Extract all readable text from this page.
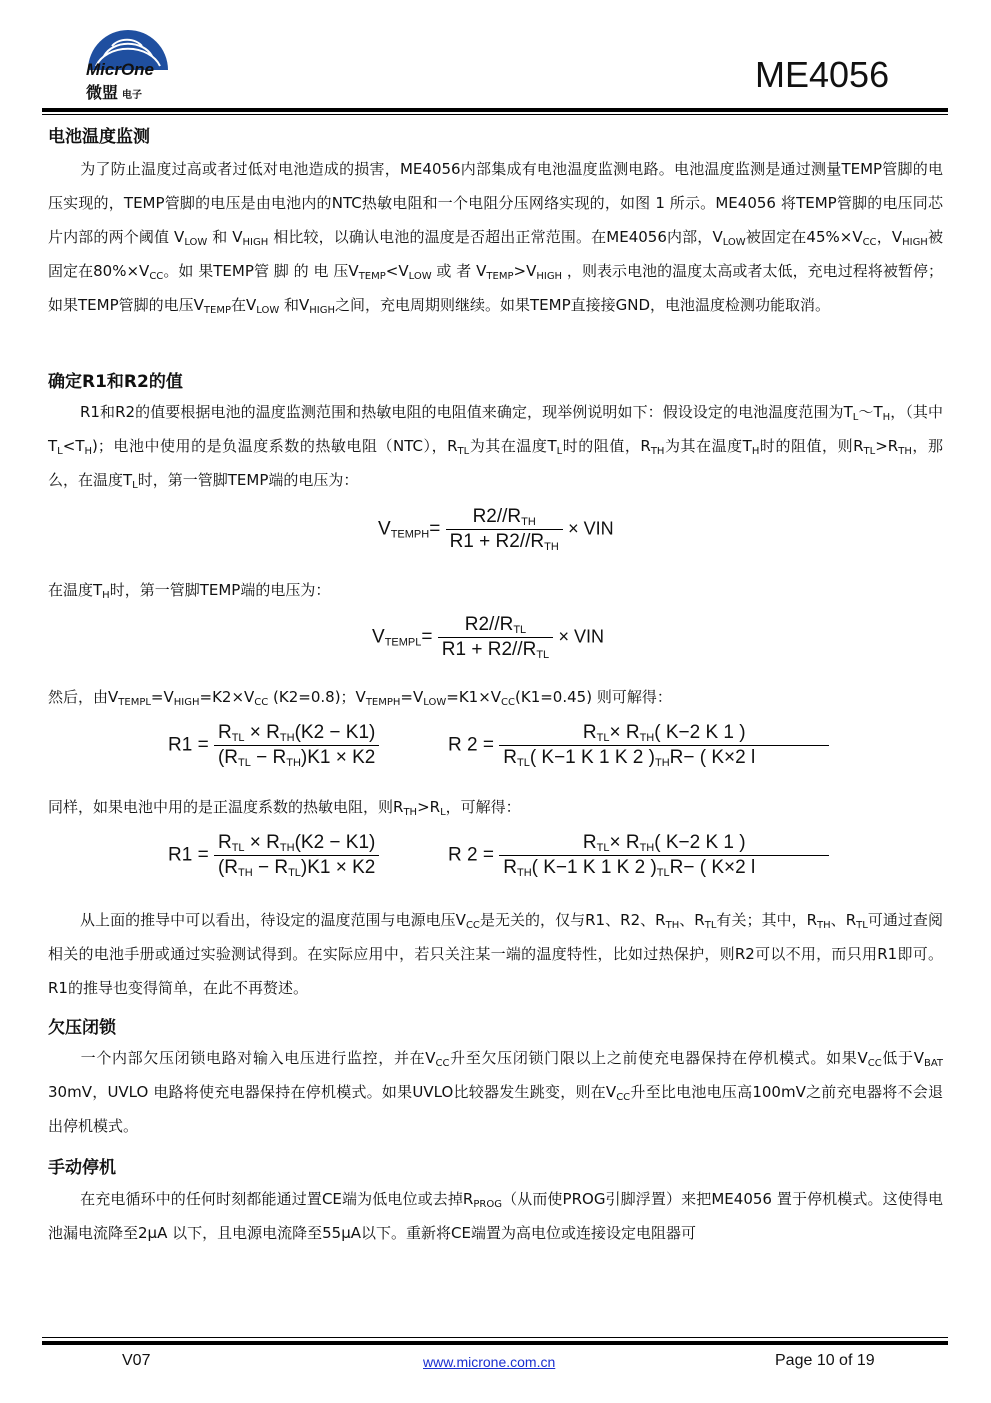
MicrOne
微盟 电子
ME4056
电池温度监测
为了防止温度过高或者过低对电池造成的损害，ME4056内部集成有电池温度监测电路。电池温度监测是通过测量TEMP管脚的电压实现的，TEMP管脚的电压是由电池内的NTC热敏电阻和一个电阻分压网络实现的，如图 1 所示。ME4056 将TEMP管脚的电压同芯片内部的两个阈值 $V_{LOW}$ 和 $V_{HIGH}$ 相比较，以确认电池的温度是否超出正常范围。在ME4056内部，$V_{LOW}$被固定在$45\%\times V_{CC}$，$V_{HIGH}$被固定在$80\%\times V_{CC}$。如 果TEMP管 脚 的 电 压$V_{TEMP}<V_{LOW}$ 或 者 $V_{TEMP}>V_{HIGH}$ ，则表示电池的温度太高或者太低，充电过程将被暂停；如果TEMP管脚的电压$V_{TEMP}$在$V_{LOW}$ 和$V_{HIGH}$之间，充电周期则继续。如果TEMP直接接GND，电池温度检测功能取消。
确定R1和R2的值
R1和R2的值要根据电池的温度监测范围和热敏电阻的电阻值来确定，现举例说明如下：假设设定的电池温度范围为$T_L\sim T_H$，（其中$T_L<T_H$)；电池中使用的是负温度系数的热敏电阻（NTC），$R_{TL}$为其在温度$T_L$时的阻值，$R_{TH}$为其在温度$T_H$时的阻值，则$R_{TL}>R_{TH}$，那么，在温度$T_L$时，第一管脚TEMP端的电压为：
$V_{TEMPH}= \frac{R2//R_{TH}}{R1 + R2//R_{TH}}$ × VIN
在温度$T_H$时，第一管脚TEMP端的电压为：
$V_{TEMPL}= \frac{R2//R_{TL}}{R1 + R2//R_{TL}}$ × VIN
然后，由$V_{TEMPL}=V_{HIGH}=K2\times V_{CC}$ (K2=0.8)；$V_{TEMPH}=V_{LOW}=K1\times V_{CC}(K1=0.45)$ 则可解得：
$R1 = \frac{R_{TL} \times R_{TH}(K2 - K1)}{(R_{TL} - R_{TH})K1 \times K2}$	R $2 = \frac{R_{TL}\times R_{TH}( K-2 K 1 )}{R_{TL}( K-1 K 1 K 2 )_{TH}R- ( K\times 2 l}$
同样，如果电池中用的是正温度系数的热敏电阻，则$R_{TH}>R_L$，可解得：
$R1 = \frac{R_{TL} \times R_{TH}(K2 - K1)}{(R_{TH} - R_{TL})K1 \times K2}$	R $2 = \frac{R_{TL}\times R_{TH}( K-2 K 1 )}{R_{TH}( K-1 K 1 K 2 )_{TL}R- ( K\times 2 l}$
从上面的推导中可以看出，待设定的温度范围与电源电压$V_{CC}$是无关的，仅与R1、R2、$R_{TH}$、$R_{TL}$有关；其中，$R_{TH}$、$R_{TL}$可通过查阅相关的电池手册或通过实验测试得到。在实际应用中，若只关注某一端的温度特性，比如过热保护，则R2可以不用，而只用R1即可。R1的推导也变得简单，在此不再赘述。
欠压闭锁
一个内部欠压闭锁电路对输入电压进行监控，并在$V_{CC}$升至欠压闭锁门限以上之前使充电器保持在停机模式。如果$V_{CC}$低于$V_{BAT}$ 30mV，UVLO 电路将使充电器保持在停机模式。如果UVLO比较器发生跳变，则在$V_{CC}$升至比电池电压高100mV之前充电器将不会退出停机模式。
手动停机
在充电循环中的任何时刻都能通过置CE端为低电位或去掉$R_{PROG}$（从而使PROG引脚浮置）来把ME4056 置于停机模式。这使得电池漏电流降至2μA 以下，且电源电流降至55μA以下。重新将CE端置为高电位或连接设定电阻器可
V07	www.microne.com.cn	Page 10 of 19
